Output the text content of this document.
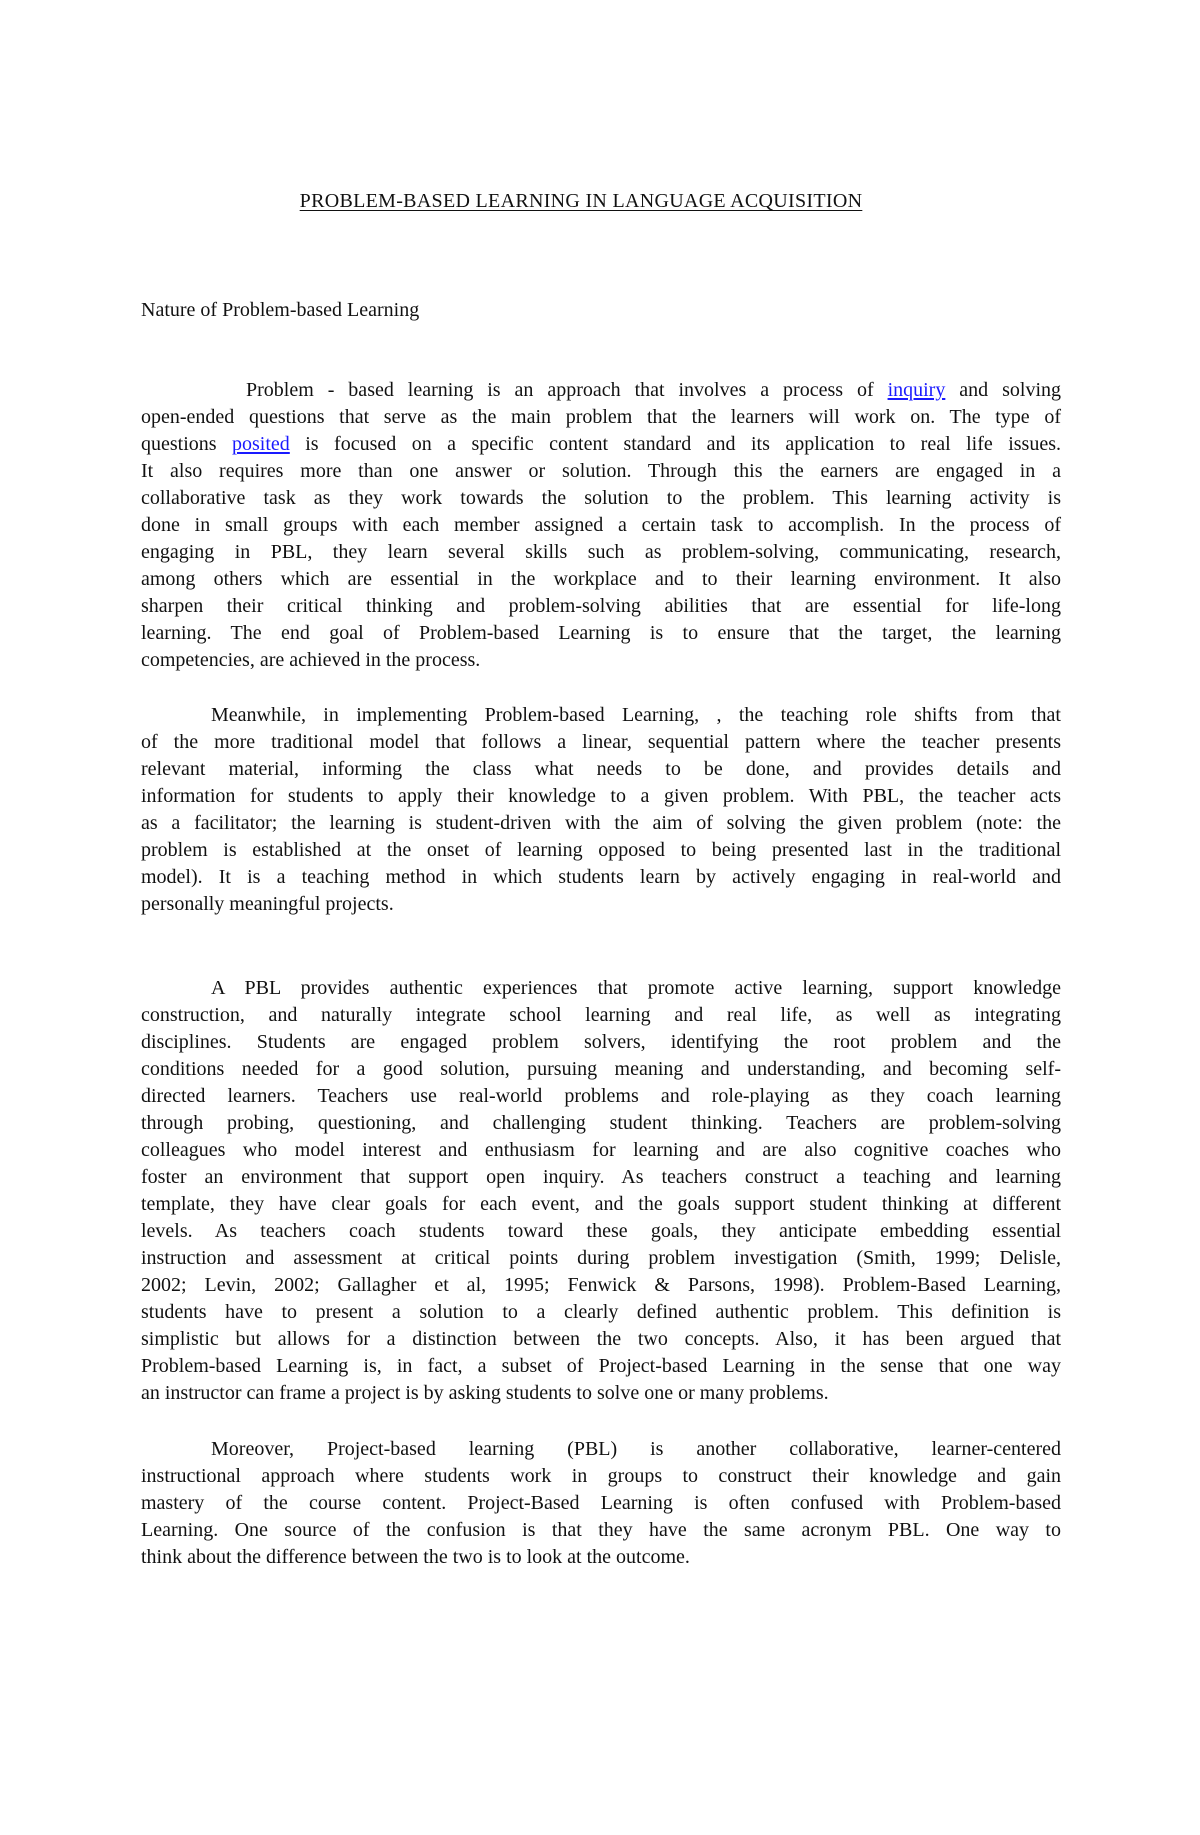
PROBLEM-BASED LEARNING IN LANGUAGE ACQUISITION
Nature of Problem-based Learning
Problem - based learning is an approach that involves a process of inquiry and solving
open-ended questions that serve as the main problem that the learners will work on. The type of
questions posited is focused on a specific content standard and its application to real life issues.
It also requires more than one answer or solution. Through this the earners are engaged in a
collaborative task as they work towards the solution to the problem. This learning activity is
done in small groups with each member assigned a certain task to accomplish. In the process of
engaging in PBL, they learn several skills such as problem-solving, communicating, research,
among others which are essential in the workplace and to their learning environment. It also
sharpen their critical thinking and problem-solving abilities that are essential for life-long
learning. The end goal of Problem-based Learning is to ensure that the target, the learning
competencies, are achieved in the process.
Meanwhile, in implementing Problem-based Learning, , the teaching role shifts from that
of the more traditional model that follows a linear, sequential pattern where the teacher presents
relevant material, informing the class what needs to be done, and provides details and
information for students to apply their knowledge to a given problem. With PBL, the teacher acts
as a facilitator; the learning is student-driven with the aim of solving the given problem (note: the
problem is established at the onset of learning opposed to being presented last in the traditional
model). It is a teaching method in which students learn by actively engaging in real-world and
personally meaningful projects.
A PBL provides authentic experiences that promote active learning, support knowledge
construction, and naturally integrate school learning and real life, as well as integrating
disciplines. Students are engaged problem solvers, identifying the root problem and the
conditions needed for a good solution, pursuing meaning and understanding, and becoming self-
directed learners. Teachers use real-world problems and role-playing as they coach learning
through probing, questioning, and challenging student thinking. Teachers are problem-solving
colleagues who model interest and enthusiasm for learning and are also cognitive coaches who
foster an environment that support open inquiry. As teachers construct a teaching and learning
template, they have clear goals for each event, and the goals support student thinking at different
levels. As teachers coach students toward these goals, they anticipate embedding essential
instruction and assessment at critical points during problem investigation (Smith, 1999; Delisle,
2002; Levin, 2002; Gallagher et al, 1995; Fenwick & Parsons, 1998). Problem-Based Learning,
students have to present a solution to a clearly defined authentic problem. This definition is
simplistic but allows for a distinction between the two concepts. Also, it has been argued that
Problem-based Learning is, in fact, a subset of Project-based Learning in the sense that one way
an instructor can frame a project is by asking students to solve one or many problems.
Moreover, Project-based learning (PBL) is another collaborative, learner-centered
instructional approach where students work in groups to construct their knowledge and gain
mastery of the course content. Project-Based Learning is often confused with Problem-based
Learning. One source of the confusion is that they have the same acronym PBL. One way to
think about the difference between the two is to look at the outcome.
